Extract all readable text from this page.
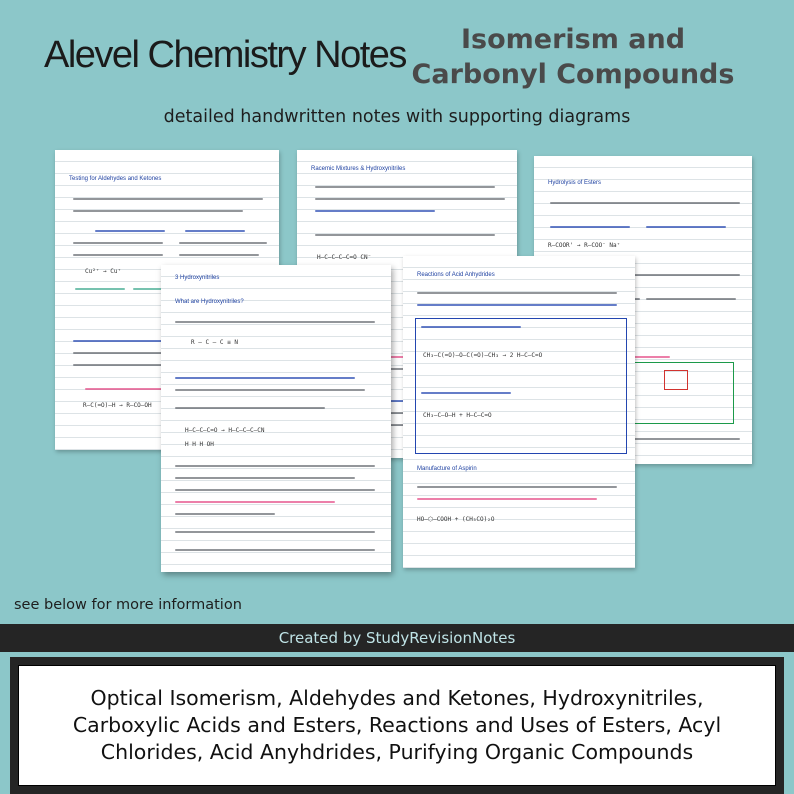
Alevel Chemistry Notes	Isomerism and Carbonyl Compounds
detailed handwritten notes with supporting diagrams
Testing for Aldehydes and Ketones
Cu²⁺ → Cu⁺
R–C(=O)–H → R–CO–OH
Racemic Mixtures & Hydroxynitriles
H–C–C–C–C=O CN⁻
Hydrolysis of Esters
R–COOR' → R–COO⁻ Na⁺
Reactions of Acid Anhydrides
CH₃–C(=O)–O–C(=O)–CH₃ → 2 H–C–C=O
CH₃–C–O–H + H–C–C=O
Manufacture of Aspirin
HO–⬡–COOH + (CH₃CO)₂O
3 Hydroxynitriles
What are Hydroxynitriles?
R – C – C ≡ N
H–C–C–C=O → H–C–C–C–CN
H H H OH
see below for more information
Created by StudyRevisionNotes
Optical Isomerism, Aldehydes and Ketones, Hydroxynitriles, Carboxylic Acids and Esters, Reactions and Uses of Esters, Acyl Chlorides, Acid Anyhdrides, Purifying Organic Compounds
